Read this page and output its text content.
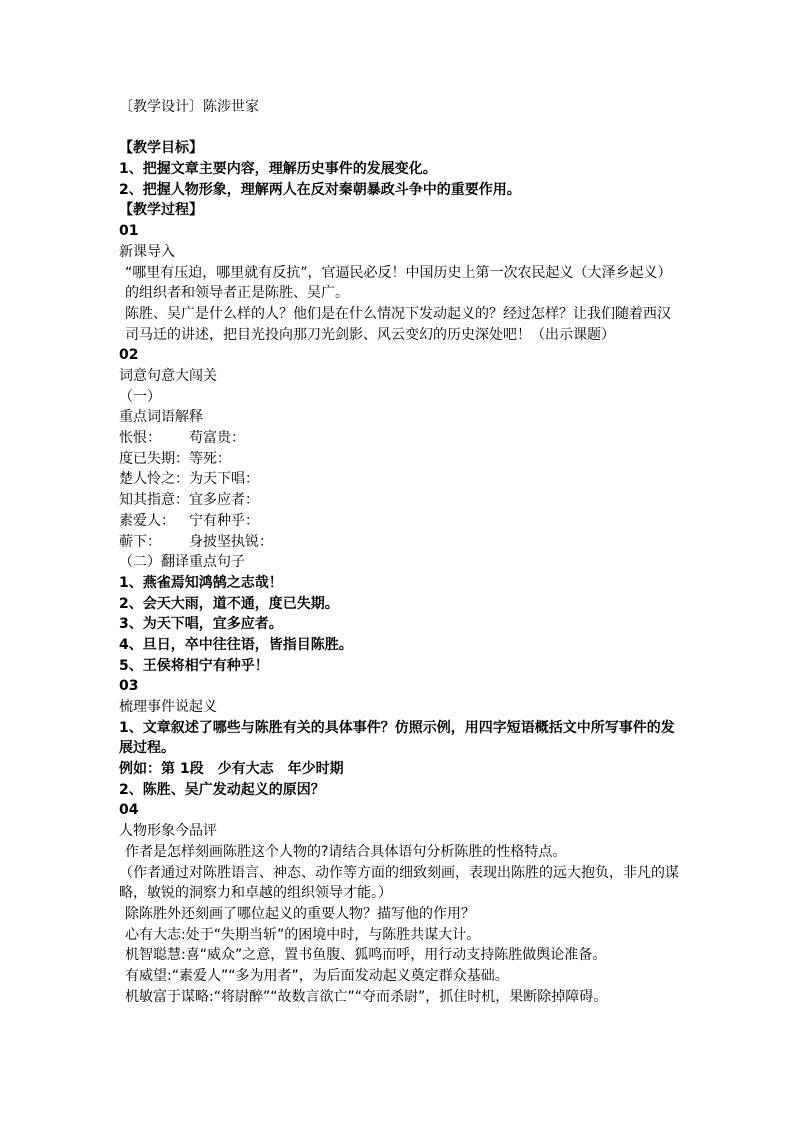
〔教学设计〕陈涉世家
【教学目标】
1、把握文章主要内容，理解历史事件的发展变化。
2、把握人物形象，理解两人在反对秦朝暴政斗争中的重要作用。
【教学过程】
01
新课导入
“哪里有压迫，哪里就有反抗”，官逼民必反！中国历史上第一次农民起义（大泽乡起义）的组织者和领导者正是陈胜、吴广。
陈胜、吴广是什么样的人？他们是在什么情况下发动起义的？经过怎样？让我们随着西汉司马迁的讲述，把目光投向那刀光剑影、风云变幻的历史深处吧！（出示课题）
02
词意句意大闯关
（一）
重点词语解释
怅恨： 苟富贵：
度已失期：等死：
楚人怜之：为天下唱：
知其指意：宜多应者：
素爱人： 宁有种乎：
蕲下： 身披坚执锐：
（二）翻译重点句子
1、燕雀焉知鸿鹄之志哉！
2、会天大雨，道不通，度已失期。
3、为天下唱，宜多应者。
4、旦日，卒中往往语，皆指目陈胜。
5、王侯将相宁有种乎！
03
梳理事件说起义
1、文章叙述了哪些与陈胜有关的具体事件？仿照示例，用四字短语概括文中所写事件的发展过程。
例如：第 1段　少有大志　年少时期
2、陈胜、吴广发动起义的原因？
04
人物形象今品评
作者是怎样刻画陈胜这个人物的?请结合具体语句分析陈胜的性格特点。
（作者通过对陈胜语言、神态、动作等方面的细致刻画，表现出陈胜的远大抱负，非凡的谋略，敏锐的洞察力和卓越的组织领导才能。）
除陈胜外还刻画了哪位起义的重要人物？描写他的作用？
心有大志:处于“失期当斩”的困境中时，与陈胜共谋大计。
机智聪慧:喜“威众”之意，置书鱼腹、狐鸣而呼，用行动支持陈胜做舆论准备。
有威望:“素爱人”“多为用者”，为后面发动起义奠定群众基础。
机敏富于谋略:“将尉醉”“故数言欲亡”“夺而杀尉”，抓住时机，果断除掉障碍。
